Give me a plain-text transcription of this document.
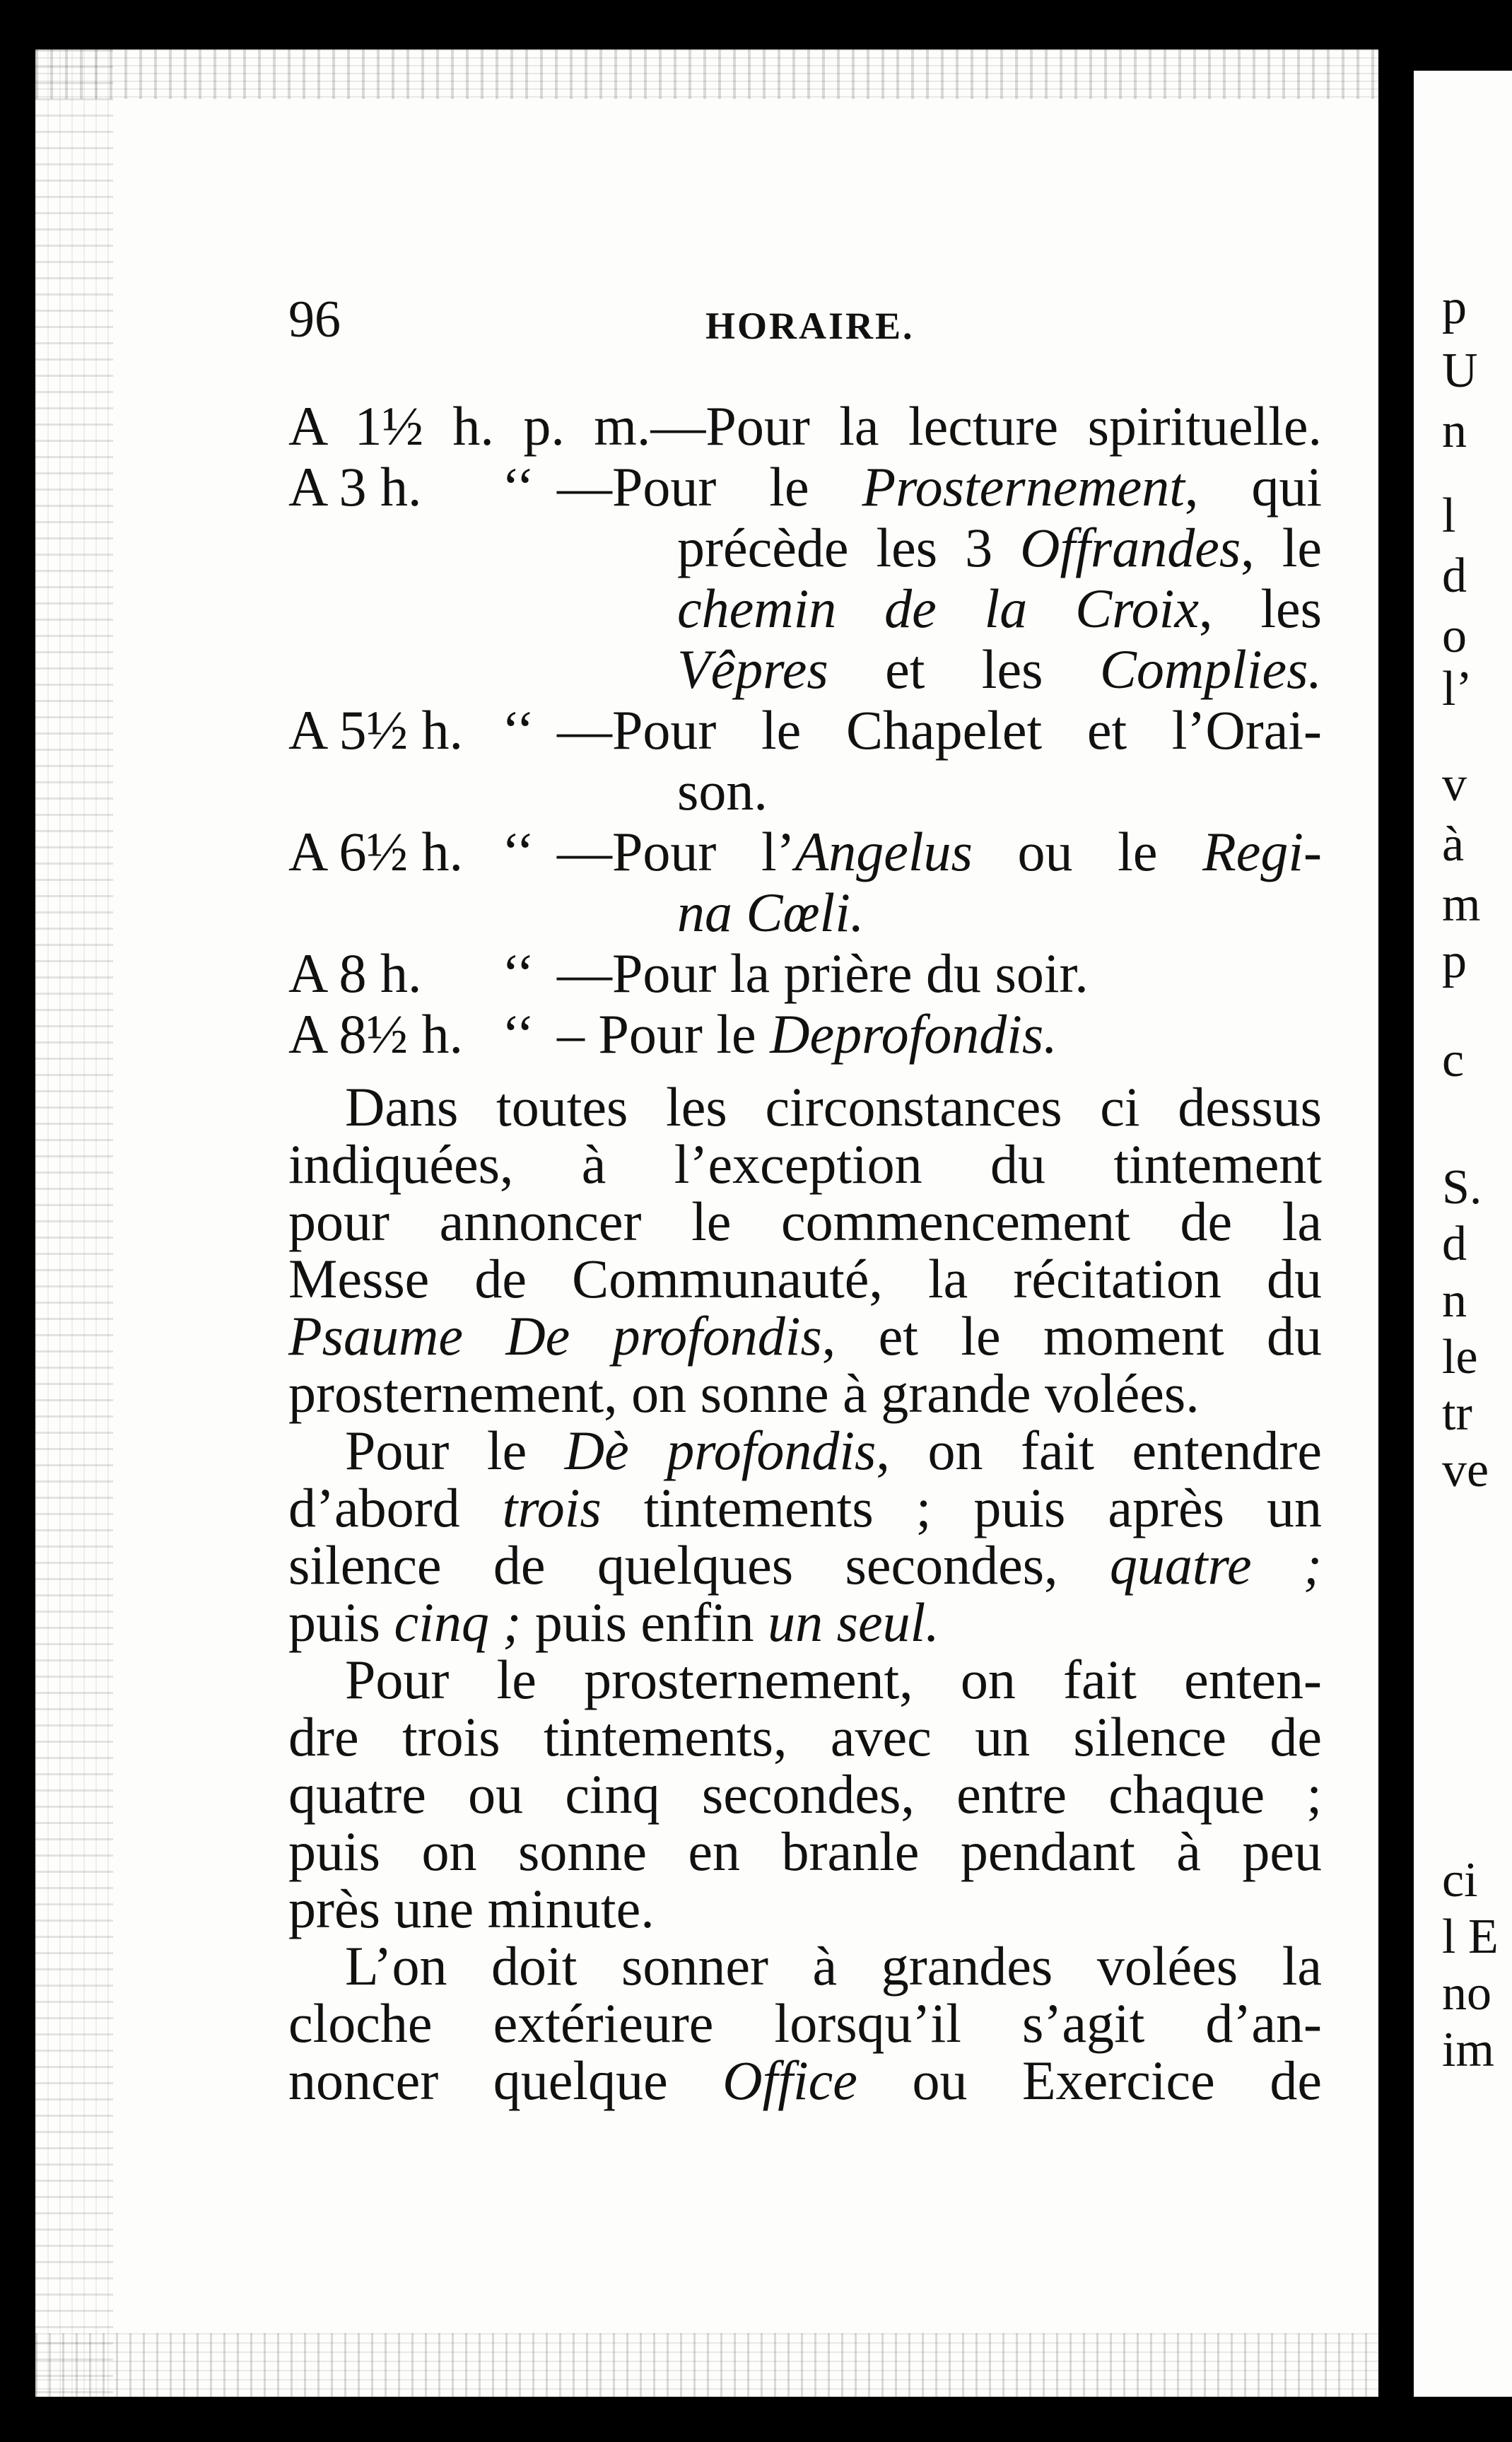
96	HORAIRE.
A 1½ h. p. m.—Pour la lecture spirituelle.
A 3 h.	‘‘ —Pour le Prosternement, qui
précède les 3 Offrandes, le
chemin de la Croix, les
Vêpres et les Complies.
A 5½ h. ‘‘ —Pour le Chapelet et l’Orai-
son.
A 6½ h. ‘‘ —Pour l’Angelus ou le Regi-
na Cœli.
A 8 h.	‘‘ —Pour la prière du soir.
A 8½ h. ‘‘ – Pour le Deprofondis.
Dans toutes les circonstances ci dessus
indiquées, à l’exception du tintement
pour annoncer le commencement de la
Messe de Communauté, la récitation du
Psaume De profondis, et le moment du
prosternement, on sonne à grande volées.
Pour le Dè profondis, on fait entendre
d’abord trois tintements ; puis après un
silence de quelques secondes, quatre ;
puis cinq ; puis enfin un seul.
Pour le prosternement, on fait enten-
dre trois tintements, avec un silence de
quatre ou cinq secondes, entre chaque ;
puis on sonne en branle pendant à peu
près une minute.
L’on doit sonner à grandes volées la
cloche extérieure lorsqu’il s’agit d’an-
noncer quelque Office ou Exercice de
p
U
n
l
d
o
l’
v
à
m
p
c
S.
d
n
le
tr
ve
ci
l E
no
im
